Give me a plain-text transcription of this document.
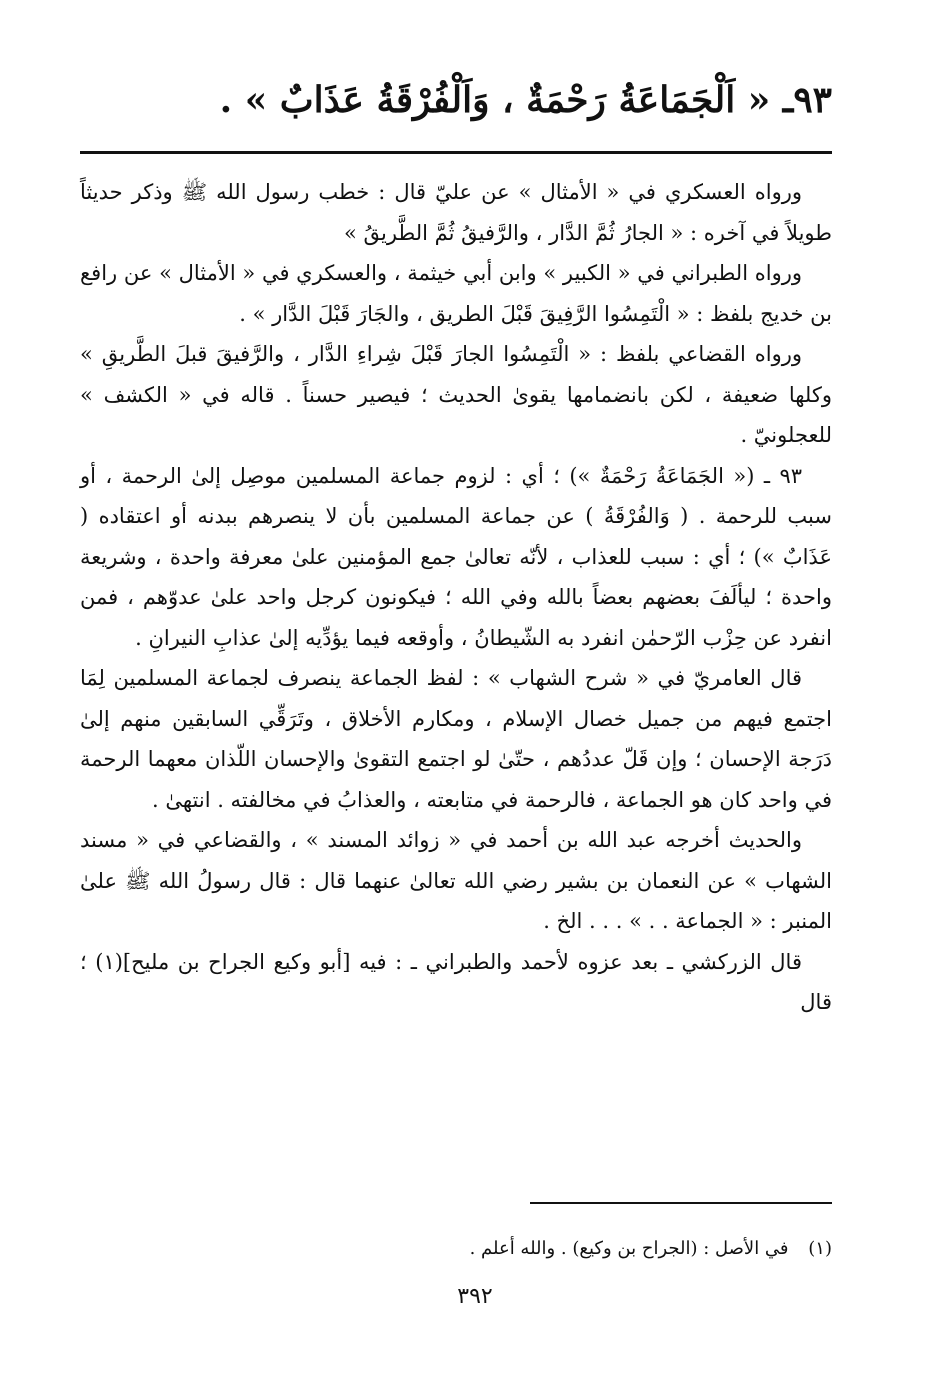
٩٣ـ « اَلْجَمَاعَةُ رَحْمَةٌ ، وَاَلْفُرْقَةُ عَذَابٌ » .

ورواه العسكري في « الأمثال » عن عليّ قال : خطب رسول الله ﷺ وذكر حديثاً طويلاً في آخره : « الجارُ ثُمَّ الدَّار ، والرَّفيقُ ثُمَّ الطَّريقُ »

ورواه الطبراني في « الكبير » وابن أبي خيثمة ، والعسكري في « الأمثال » عن رافع بن خديج بلفظ : « الْتَمِسُوا الرَّفِيقَ قَبْلَ الطريق ، والجَارَ قَبْلَ الدَّار » .

ورواه القضاعي بلفظ : « الْتَمِسُوا الجارَ قَبْلَ شِراءِ الدَّار ، والرَّفيقَ قبلَ الطَّريقِ » وكلها ضعيفة ، لكن بانضمامها يقوىٰ الحديث ؛ فيصير حسناً . قاله في « الكشف » للعجلونيّ .

٩٣ ـ (« الجَمَاعَةُ رَحْمَةٌ ») ؛ أي : لزوم جماعة المسلمين موصِل إلىٰ الرحمة ، أو سبب للرحمة . ( وَالفُرْقَةُ ) عن جماعة المسلمين بأن لا ينصرهم ببدنه أو اعتقاده ( عَذَابٌ ») ؛ أي : سبب للعذاب ، لأنّه تعالىٰ جمع المؤمنين علىٰ معرفة واحدة ، وشريعة واحدة ؛ ليألَفَ بعضهم بعضاً بالله وفي الله ؛ فيكونون كرجل واحد علىٰ عدوّهم ، فمن انفرد عن حِزْب الرّحمٰن انفرد به الشّيطانُ ، وأوقعه فيما يؤدِّيه إلىٰ عذابِ النيرانِ .

قال العامريّ في « شرح الشهاب » : لفظ الجماعة ينصرف لجماعة المسلمين لِمَا اجتمع فيهم من جميل خصال الإسلام ، ومكارم الأخلاق ، وتَرَقِّي السابقين منهم إلىٰ دَرَجة الإحسان ؛ وإن قَلّ عددُهم ، حتّىٰ لو اجتمع التقوىٰ والإحسان اللّذان معهما الرحمة في واحد كان هو الجماعة ، فالرحمة في متابعته ، والعذابُ في مخالفته . انتهىٰ .

والحديث أخرجه عبد الله بن أحمد في « زوائد المسند » ، والقضاعي في « مسند الشهاب » عن النعمان بن بشير رضي الله تعالىٰ عنهما قال : قال رسولُ الله ﷺ علىٰ المنبر : « الجماعة . . » . . . الخ .

قال الزركشي ـ بعد عزوه لأحمد والطبراني ـ : فيه [أبو وكيع الجراح بن مليح](١) ؛ قال

(١) في الأصل : (الجراح بن وكيع) . والله أعلم .
٣٩٢
